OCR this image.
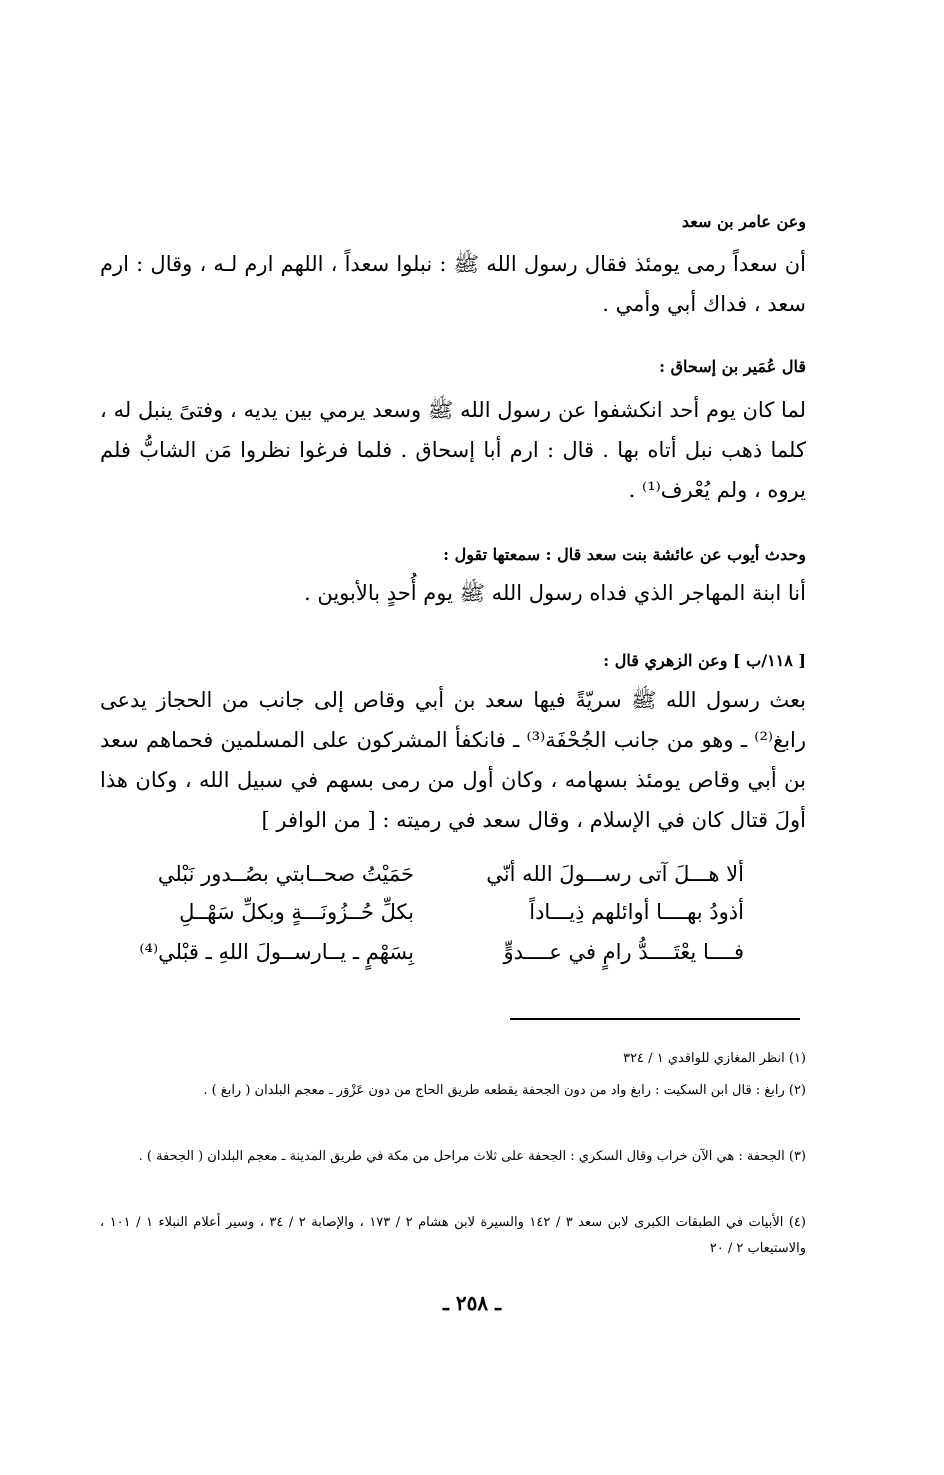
وعن عامر بن سعد
أن سعداً رمى يومئذ فقال رسول الله ﷺ : نبلوا سعداً ، اللهم ارم لـه ، وقال : ارم سعد ، فداك أبي وأمي .
قال عُمَير بن إسحاق :
لما كان يوم أحد انكشفوا عن رسول الله ﷺ وسعد يرمي بين يديه ، وفتىً ينبل له ، كلما ذهب نبل أتاه بها . قال : ارم أبا إسحاق . فلما فرغوا نظروا مَن الشابُّ فلم يروه ، ولم يُعْرف⁽¹⁾ .
وحدث أيوب عن عائشة بنت سعد قال : سمعتها تقول :
أنا ابنة المهاجر الذي فداه رسول الله ﷺ يوم أُحدٍ بالأبوين .
[ ١١٨/ب ] وعن الزهري قال :
بعث رسول الله ﷺ سريّةً فيها سعد بن أبي وقاص إلى جانب من الحجاز يدعى رابغ⁽²⁾ ـ وهو من جانب الجُحْفَة⁽³⁾ ـ فانكفأ المشركون على المسلمين فحماهم سعد بن أبي وقاص يومئذ بسهامه ، وكان أول من رمى بسهم في سبيل الله ، وكان هذا أولَ قتال كان في الإسلام ، وقال سعد في رميته : [ من الوافر ]
ألا هـــلَ آتى رســـولَ الله أنّي
حَمَيْتُ صحــابتي بصُــدور نَبْلي
أذودُ بهــــا أوائلهم ذِيـــاداً
بكلِّ حُــزُونَـــةٍ وبكلِّ سَهْــلِ
فــــا يعْتَــــدُّ رامٍ في عــــدوٍّ
بِسَهْمٍ ـ يــارســولَ اللهِ ـ قبْلي⁽⁴⁾
(١) انظر المغازي للواقدي ١ / ٣٢٤
(٢) رابغ : قال ابن السكيت : رابغ واد من دون الجحفة يقطعه طريق الحاج من دون عَزْوَر ـ معجم البلدان ( رابغ ) .
(٣) الجحفة : هي الآن خراب وقال السكري : الجحفة على ثلاث مراحل من مكة في طريق المدينة ـ معجم البلدان ( الجحفة ) .
(٤) الأبيات في الطبقات الكبرى لابن سعد ٣ / ١٤٢ والسيرة لابن هشام ٢ / ١٧٣ ، والإصابة ٢ / ٣٤ ، وسير أعلام النبلاء ١ / ١٠١ ، والاستيعاب ٢ / ٢٠
ـ ٢٥٨ ـ
